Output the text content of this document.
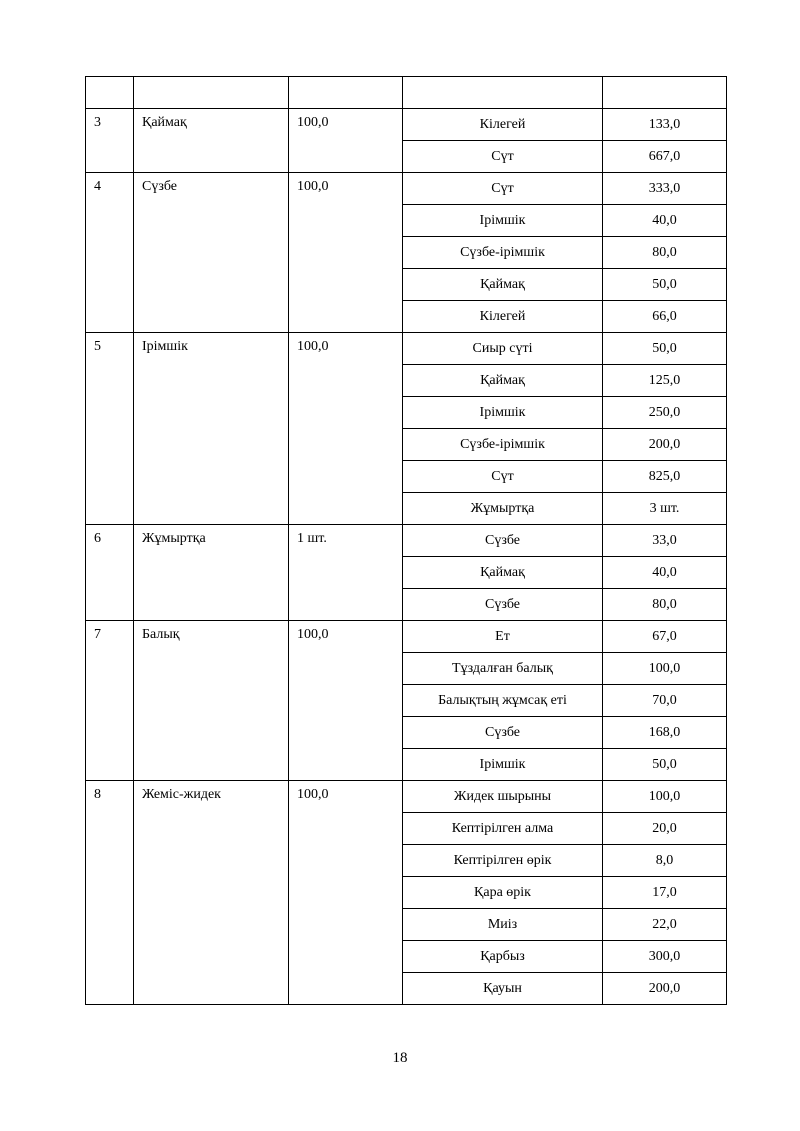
3	Қаймақ	100,0	Кілегей	133,0
			Сүт	667,0
4	Сүзбе	100,0	Сүт	333,0
			Ірімшік	40,0
			Сүзбе-ірімшік	80,0
			Қаймақ	50,0
			Кілегей	66,0
5	Ірімшік	100,0	Сиыр сүті	50,0
			Қаймақ	125,0
			Ірімшік	250,0
			Сүзбе-ірімшік	200,0
			Сүт	825,0
			Жұмыртқа	3 шт.
6	Жұмыртқа	1 шт.	Сүзбе	33,0
			Қаймақ	40,0
			Сүзбе	80,0
7	Балық	100,0	Ет	67,0
			Тұздалған балық	100,0
			Балықтың жұмсақ еті	70,0
			Сүзбе	168,0
			Ірімшік	50,0
8	Жеміс-жидек	100,0	Жидек шырыны	100,0
			Кептірілген алма	20,0
			Кептірілген өрік	8,0
			Қара өрік	17,0
			Миіз	22,0
			Қарбыз	300,0
			Қауын	200,0
18
